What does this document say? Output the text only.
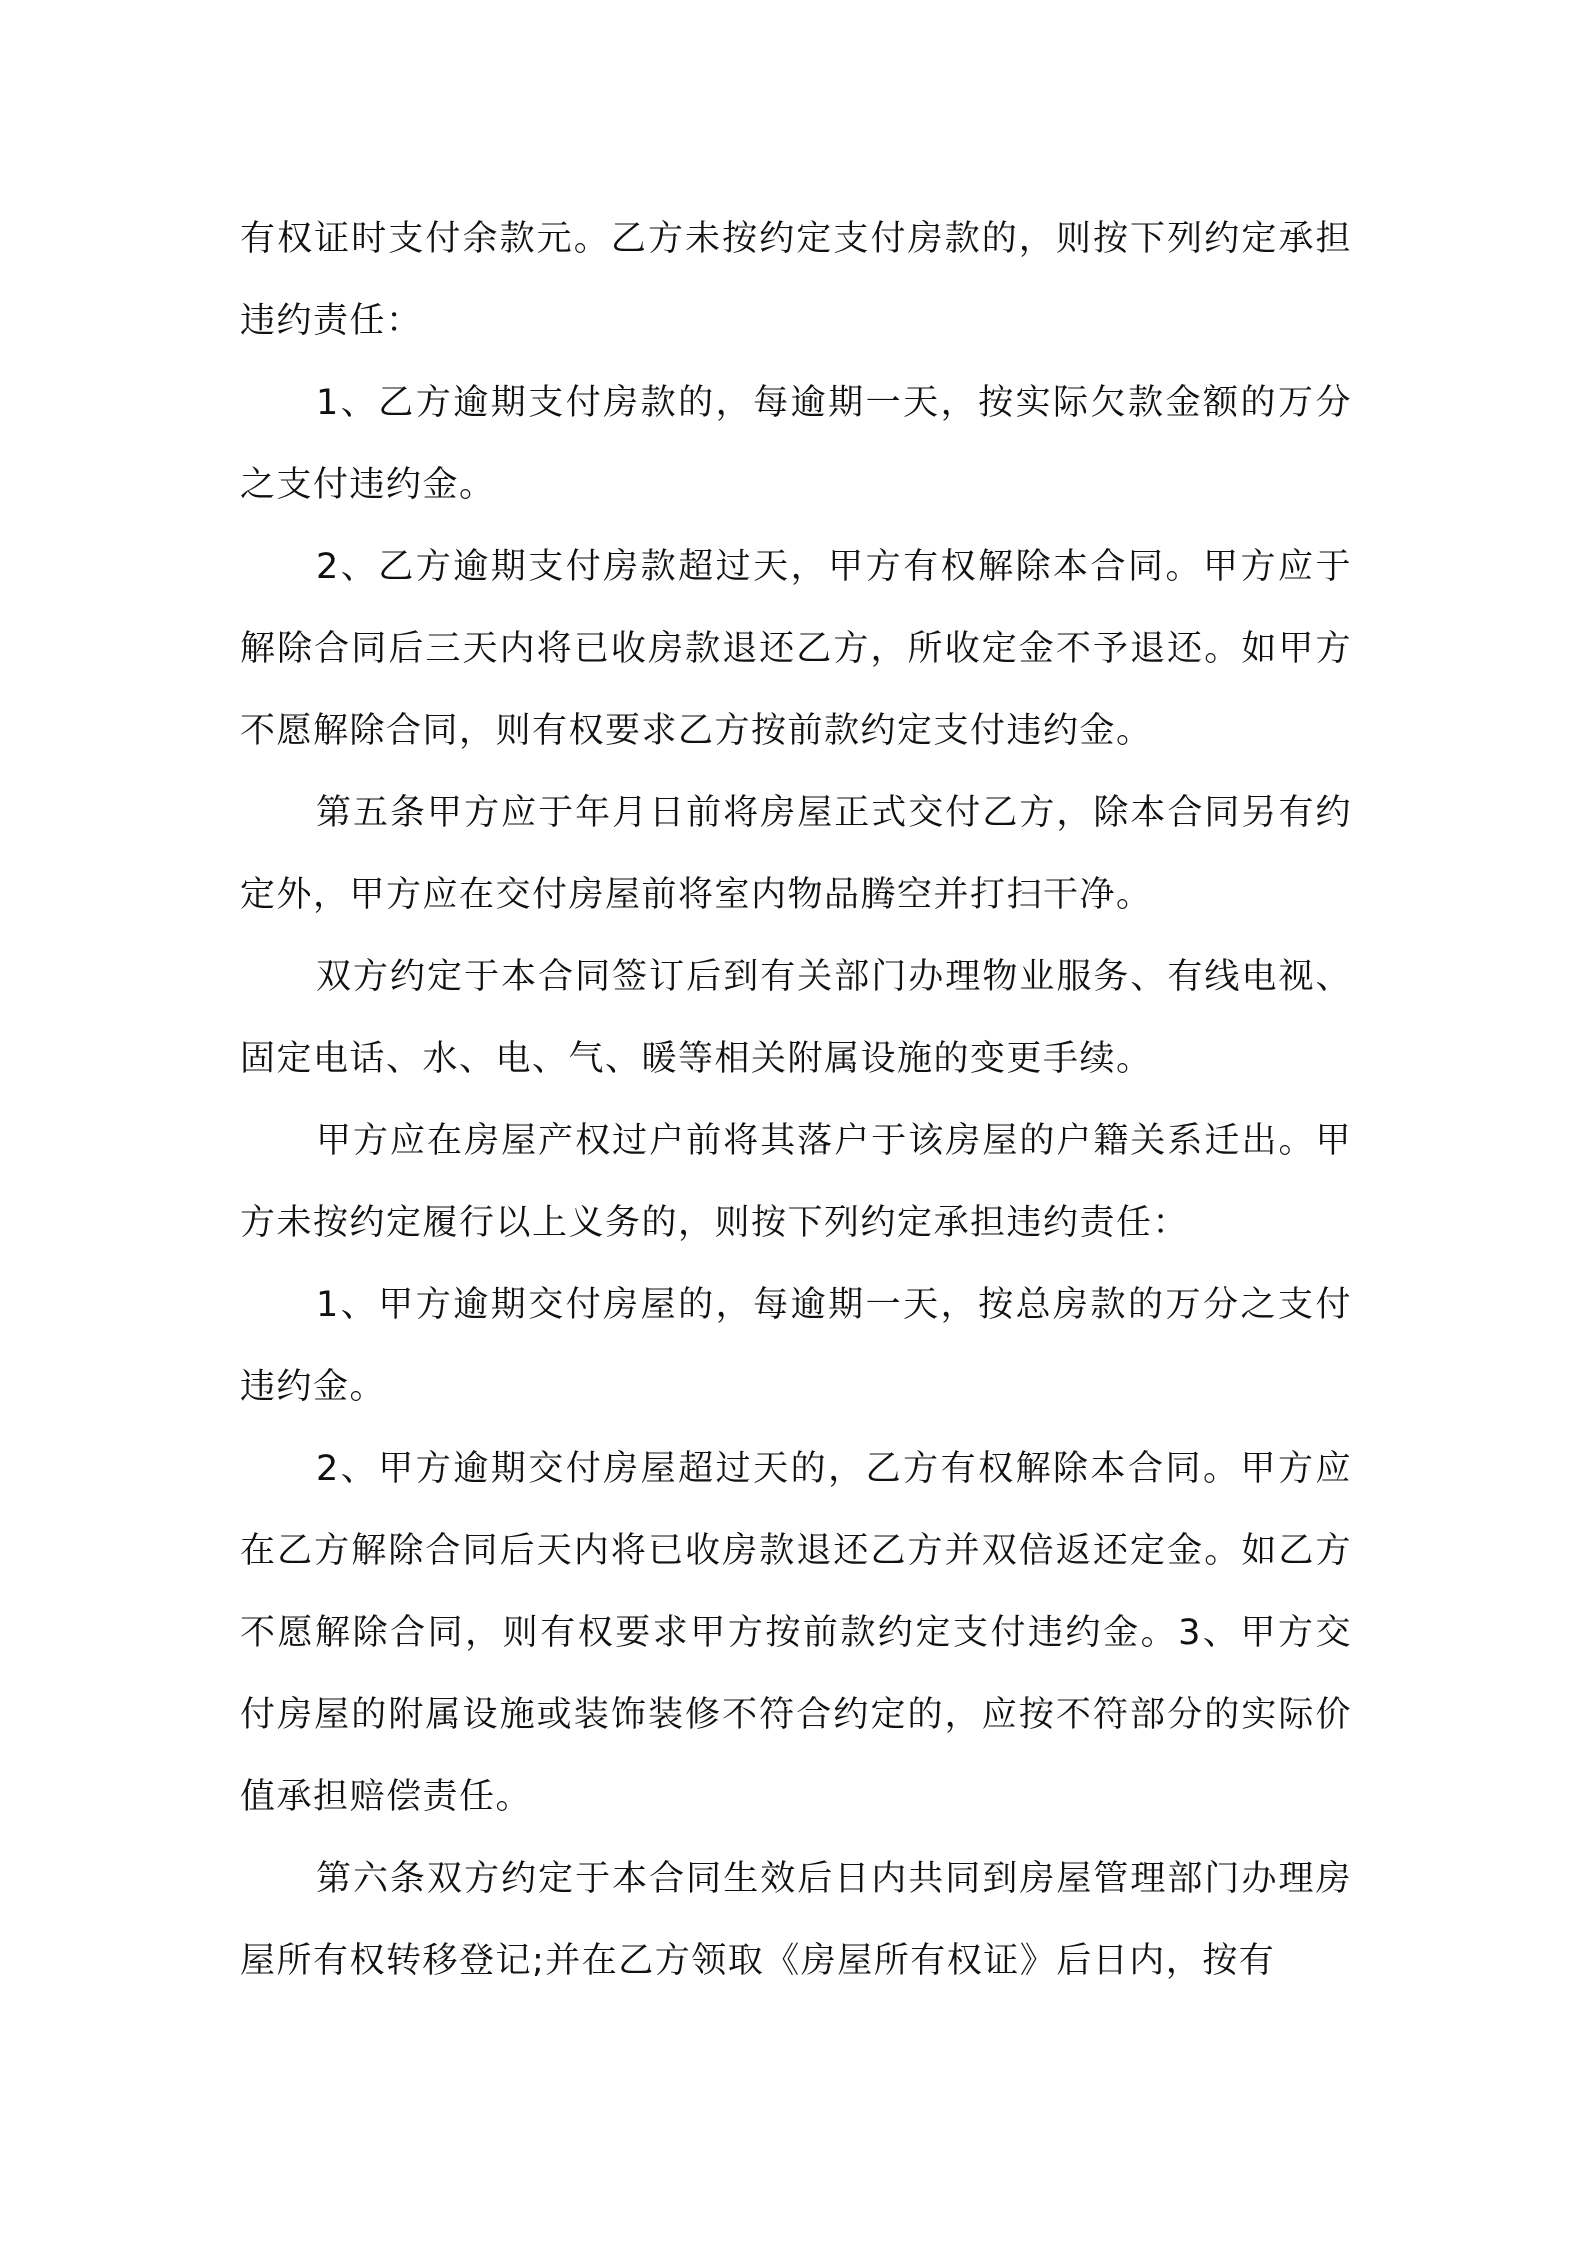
有权证时支付余款元。乙方未按约定支付房款的，则按下列约定承担违约责任：

1、乙方逾期支付房款的，每逾期一天，按实际欠款金额的万分之支付违约金。

2、乙方逾期支付房款超过天，甲方有权解除本合同。甲方应于解除合同后三天内将已收房款退还乙方，所收定金不予退还。如甲方不愿解除合同，则有权要求乙方按前款约定支付违约金。

第五条甲方应于年月日前将房屋正式交付乙方，除本合同另有约定外，甲方应在交付房屋前将室内物品腾空并打扫干净。

双方约定于本合同签订后到有关部门办理物业服务、有线电视、固定电话、水、电、气、暖等相关附属设施的变更手续。

甲方应在房屋产权过户前将其落户于该房屋的户籍关系迁出。甲方未按约定履行以上义务的，则按下列约定承担违约责任：

1、甲方逾期交付房屋的，每逾期一天，按总房款的万分之支付违约金。

2、甲方逾期交付房屋超过天的，乙方有权解除本合同。甲方应在乙方解除合同后天内将已收房款退还乙方并双倍返还定金。如乙方不愿解除合同，则有权要求甲方按前款约定支付违约金。3、甲方交付房屋的附属设施或装饰装修不符合约定的，应按不符部分的实际价值承担赔偿责任。

第六条双方约定于本合同生效后日内共同到房屋管理部门办理房屋所有权转移登记;并在乙方领取《房屋所有权证》后日内，按有
